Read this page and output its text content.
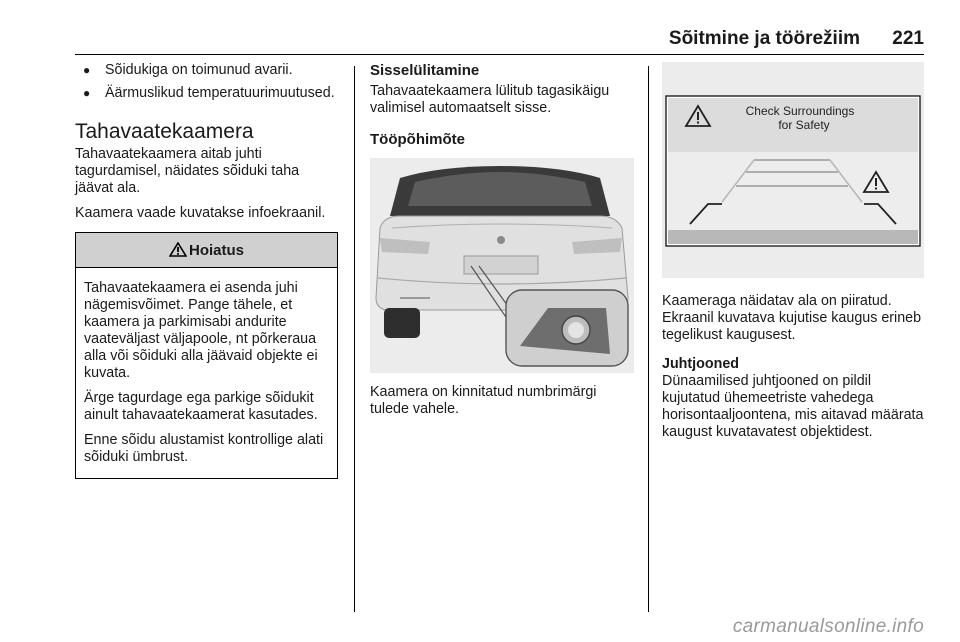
Sõitmine ja töörežiim 221
● Sõidukiga on toimunud avarii.
● Äärmuslikud temperatuurimuutused.
Tahavaatekaamera

Tahavaatekaamera aitab juhti tagurdamisel, näidates sõiduki taha jäävat ala.

Kaamera vaade kuvatakse infoekraanil.

Hoiatus

Tahavaatekaamera ei asenda juhi nägemisvõimet. Pange tähele, et kaamera ja parkimisabi andurite vaateväljast väljapoole, nt põrkeraua alla või sõiduki alla jäävaid objekte ei kuvata.

Ärge tagurdage ega parkige sõidukit ainult tahavaatekaamerat kasutades.

Enne sõidu alustamist kontrollige alati sõiduki ümbrust.

Sisselülitamine

Tahavaatekaamera lülitub tagasikäigu valimisel automaatselt sisse.

Tööpõhimõte

Kaamera on kinnitatud numbrimärgi tulede vahele.

Check Surroundings
for Safety

Kaameraga näidatav ala on piiratud. Ekraanil kuvatava kujutise kaugus erineb tegelikust kaugusest.

Juhtjooned

Dünaamilised juhtjooned on pildil kujutatud ühemeetriste vahedega horisontaaljoontena, mis aitavad määrata kaugust kuvatavatest objektidest.

carmanualsonline.info
